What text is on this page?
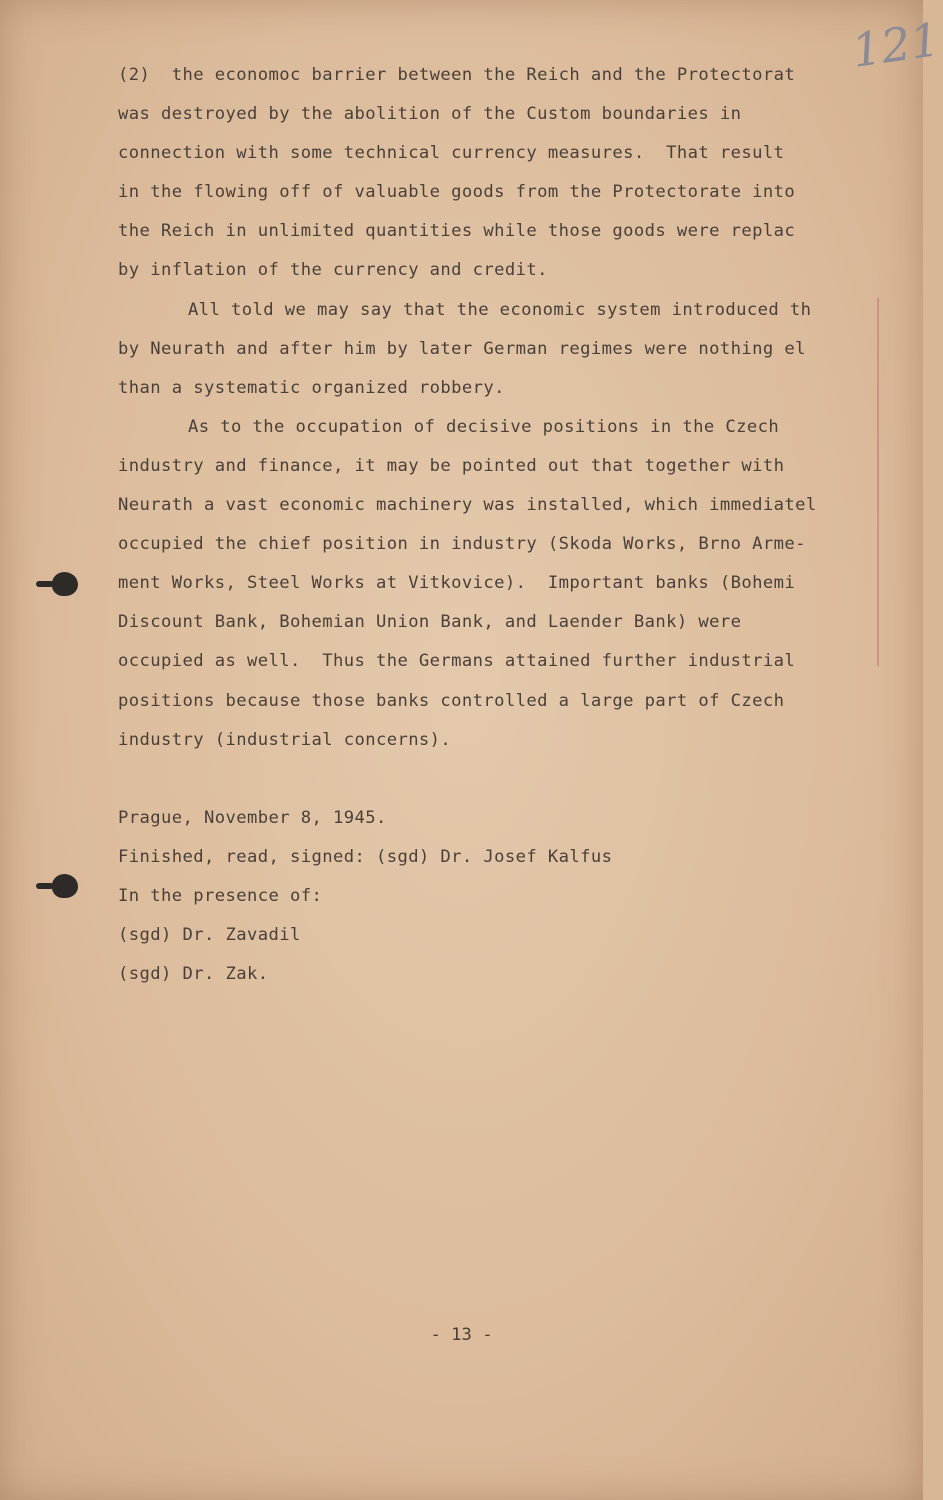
121
(2)  the economoc barrier between the Reich and the Protectorat
was destroyed by the abolition of the Custom boundaries in
connection with some technical currency measures.  That result
in the flowing off of valuable goods from the Protectorate into
the Reich in unlimited quantities while those goods were replac
by inflation of the currency and credit.
All told we may say that the economic system introduced th
by Neurath and after him by later German regimes were nothing el
than a systematic organized robbery.
As to the occupation of decisive positions in the Czech
industry and finance, it may be pointed out that together with
Neurath a vast economic machinery was installed, which immediatel
occupied the chief position in industry (Skoda Works, Brno Arme-
ment Works, Steel Works at Vitkovice).  Important banks (Bohemi
Discount Bank, Bohemian Union Bank, and Laender Bank) were
occupied as well.  Thus the Germans attained further industrial
positions because those banks controlled a large part of Czech
industry (industrial concerns).
Prague, November 8, 1945.
Finished, read, signed: (sgd) Dr. Josef Kalfus
In the presence of:
(sgd) Dr. Zavadil
(sgd) Dr. Zak.
- 13 -
